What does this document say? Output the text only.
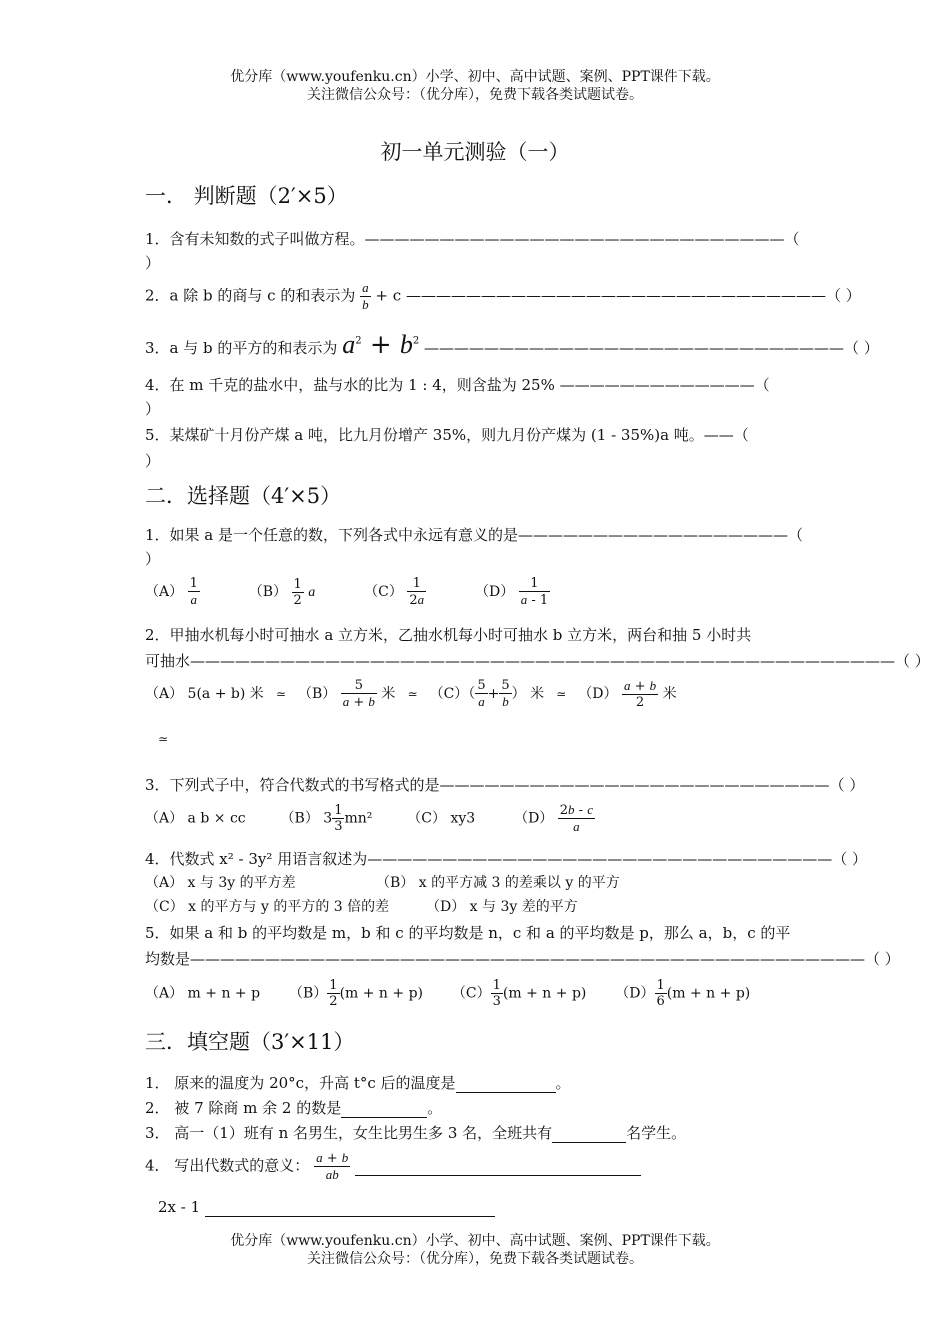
优分库（www.youfenku.cn）小学、初中、高中试题、案例、PPT课件下载。
关注微信公众号：（优分库），免费下载各类试题试卷。
初一单元测验（一）
一． 判断题（2′×5）
1．含有未知数的式子叫做方程。————————————————————————————（
）
2．a 除 b 的商与 c 的和表示为 $\frac{a}{b} + c$ ————————————————————————————（ ）
3．a 与 b 的平方的和表示为 $a^2 + b^2$ ————————————————————————————（ ）
4．在 m 千克的盐水中，盐与水的比为 1 : 4，则含盐为 25% —————————————（
）
5．某煤矿十月份产煤 a 吨，比九月份增产 35%，则九月份产煤为 (1 - 35%)a 吨。——（
）
二．选择题（4′×5）
1．如果 a 是一个任意的数，下列各式中永远有意义的是——————————————————（
）
$(A) \frac{1}{a}$	$(B) \frac{1}{2}$ a	$(C) \frac{1}{2a}$	$(D) \frac{1}{a - 1}$
2．甲抽水机每小时可抽水 a 立方米，乙抽水机每小时可抽水 b 立方米，两台和抽 5 小时共
可抽水———————————————————————————————————————————————（ ）
（A） 5(a + b) 米   ≃   $(B) \frac{5}{a + b}$ 米   ≃   $(C)( \frac{5}{a} + \frac{5}{b}$ ） 米   ≃   $(D) \frac{a + b}{2}$ 米
≃
3．下列式子中，符合代数式的书写格式的是——————————————————————————（ ）
（A） a b × cc （B） $3 \frac{1}{3} mn^2$ （C） xy3	$(D) \frac{2b - c}{a}$
4．代数式 x² - 3y² 用语言叙述为———————————————————————————————（ ）
（A） x 与 3y 的平方差	（B） x 的平方减 3 的差乘以 y 的平方
（C） x 的平方与 y 的平方的 3 倍的差	（D） x 与 3y 差的平方
5．如果 a 和 b 的平均数是 m，b 和 c 的平均数是 n，c 和 a 的平均数是 p，那么 a，b，c 的平
均数是—————————————————————————————————————————————（ ）
（A） m + n + p $(B) \frac{1}{2} (m + n + p)$ $(C) \frac{1}{3} (m + n + p)$ $(D) \frac{1}{6} (m + n + p)$
三．填空题（3′×11）
1． 原来的温度为 20°c，升高 t°c 后的温度是	。
2． 被 7 除商 m 余 2 的数是	。
3． 高一（1）班有 n 名男生，女生比男生多 3 名，全班共有	名学生。
4． 写出代数式的意义： $\frac{a + b}{ab}$

2x - 1
优分库（www.youfenku.cn）小学、初中、高中试题、案例、PPT课件下载。
关注微信公众号：（优分库），免费下载各类试题试卷。
